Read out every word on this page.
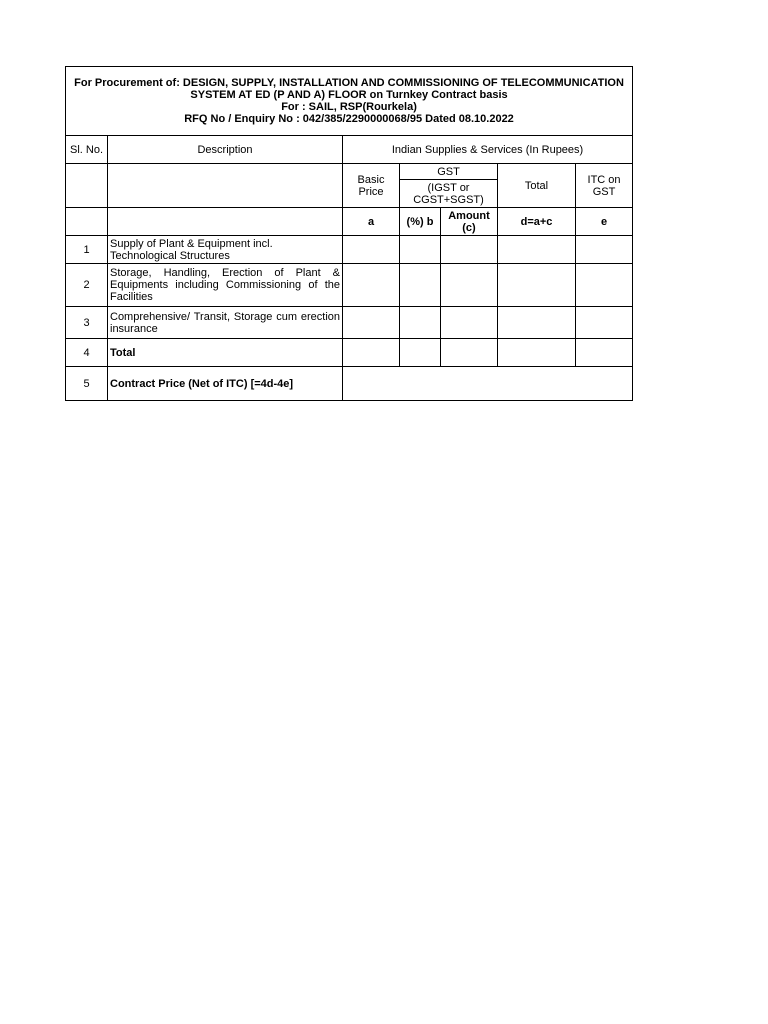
For Procurement of: DESIGN, SUPPLY, INSTALLATION AND COMMISSIONING OF TELECOMMUNICATION
SYSTEM AT ED (P AND A) FLOOR on Turnkey Contract basis
For : SAIL, RSP(Rourkela)
RFQ No / Enquiry No : 042/385/2290000068/95 Dated 08.10.2022						

Sl. No.	Description	Indian Supplies & Services (In Rupees)				
		Basic Price	GST		Total	ITC on GST
			(IGST or CGST+SGST)			
		a	(%) b	Amount (c)	d=a+c	e
1	Supply of Plant & Equipment incl. Technological Structures					
2	Storage, Handling, Erection of Plant & Equipments including Commissioning of the Facilities					
3	Comprehensive/ Transit, Storage cum erection insurance					
4	Total					
5	Contract Price (Net of ITC) [=4d-4e]					
